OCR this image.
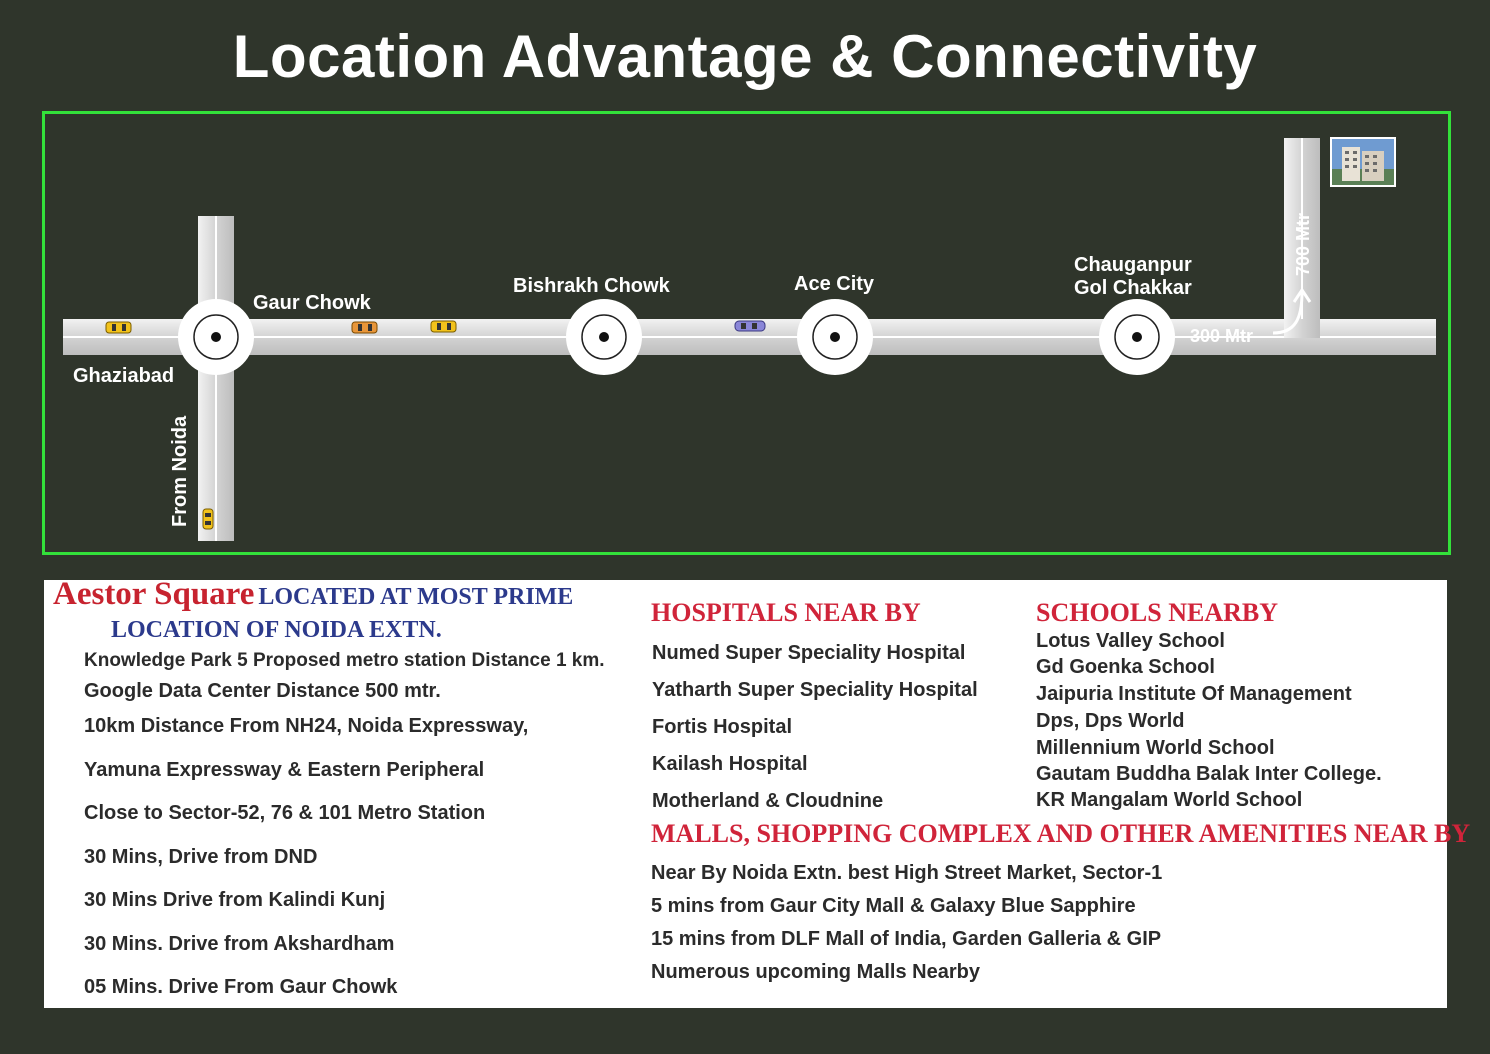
Location Advantage & Connectivity
Ghaziabad
Gaur Chowk
Bishrakh Chowk	Ace City
Chauganpur
Gol Chakkar
From Noida
300 Mtr
700 Mtr
Aestor Square LOCATED AT MOST PRIME
LOCATION OF NOIDA EXTN.
Knowledge Park 5 Proposed metro station Distance 1 km.
Google Data Center Distance 500 mtr.
10km Distance From NH24, Noida Expressway,
Yamuna Expressway & Eastern Peripheral
Close to Sector-52, 76 & 101 Metro Station
30 Mins, Drive from DND
30 Mins Drive from Kalindi Kunj
30 Mins. Drive from Akshardham
05 Mins. Drive From Gaur Chowk
HOSPITALS NEAR BY
Numed Super Speciality Hospital
Yatharth Super Speciality Hospital
Fortis Hospital
Kailash Hospital
Motherland & Cloudnine
SCHOOLS NEARBY
Lotus Valley School
Gd Goenka School
Jaipuria Institute Of Management
Dps, Dps World
Millennium World School
Gautam Buddha Balak Inter College.
KR Mangalam World School
MALLS, SHOPPING COMPLEX AND OTHER AMENITIES NEAR BY
Near By Noida Extn. best High Street Market, Sector-1
5 mins from Gaur City Mall & Galaxy Blue Sapphire
15 mins from DLF Mall of India, Garden Galleria & GIP
Numerous upcoming Malls Nearby
